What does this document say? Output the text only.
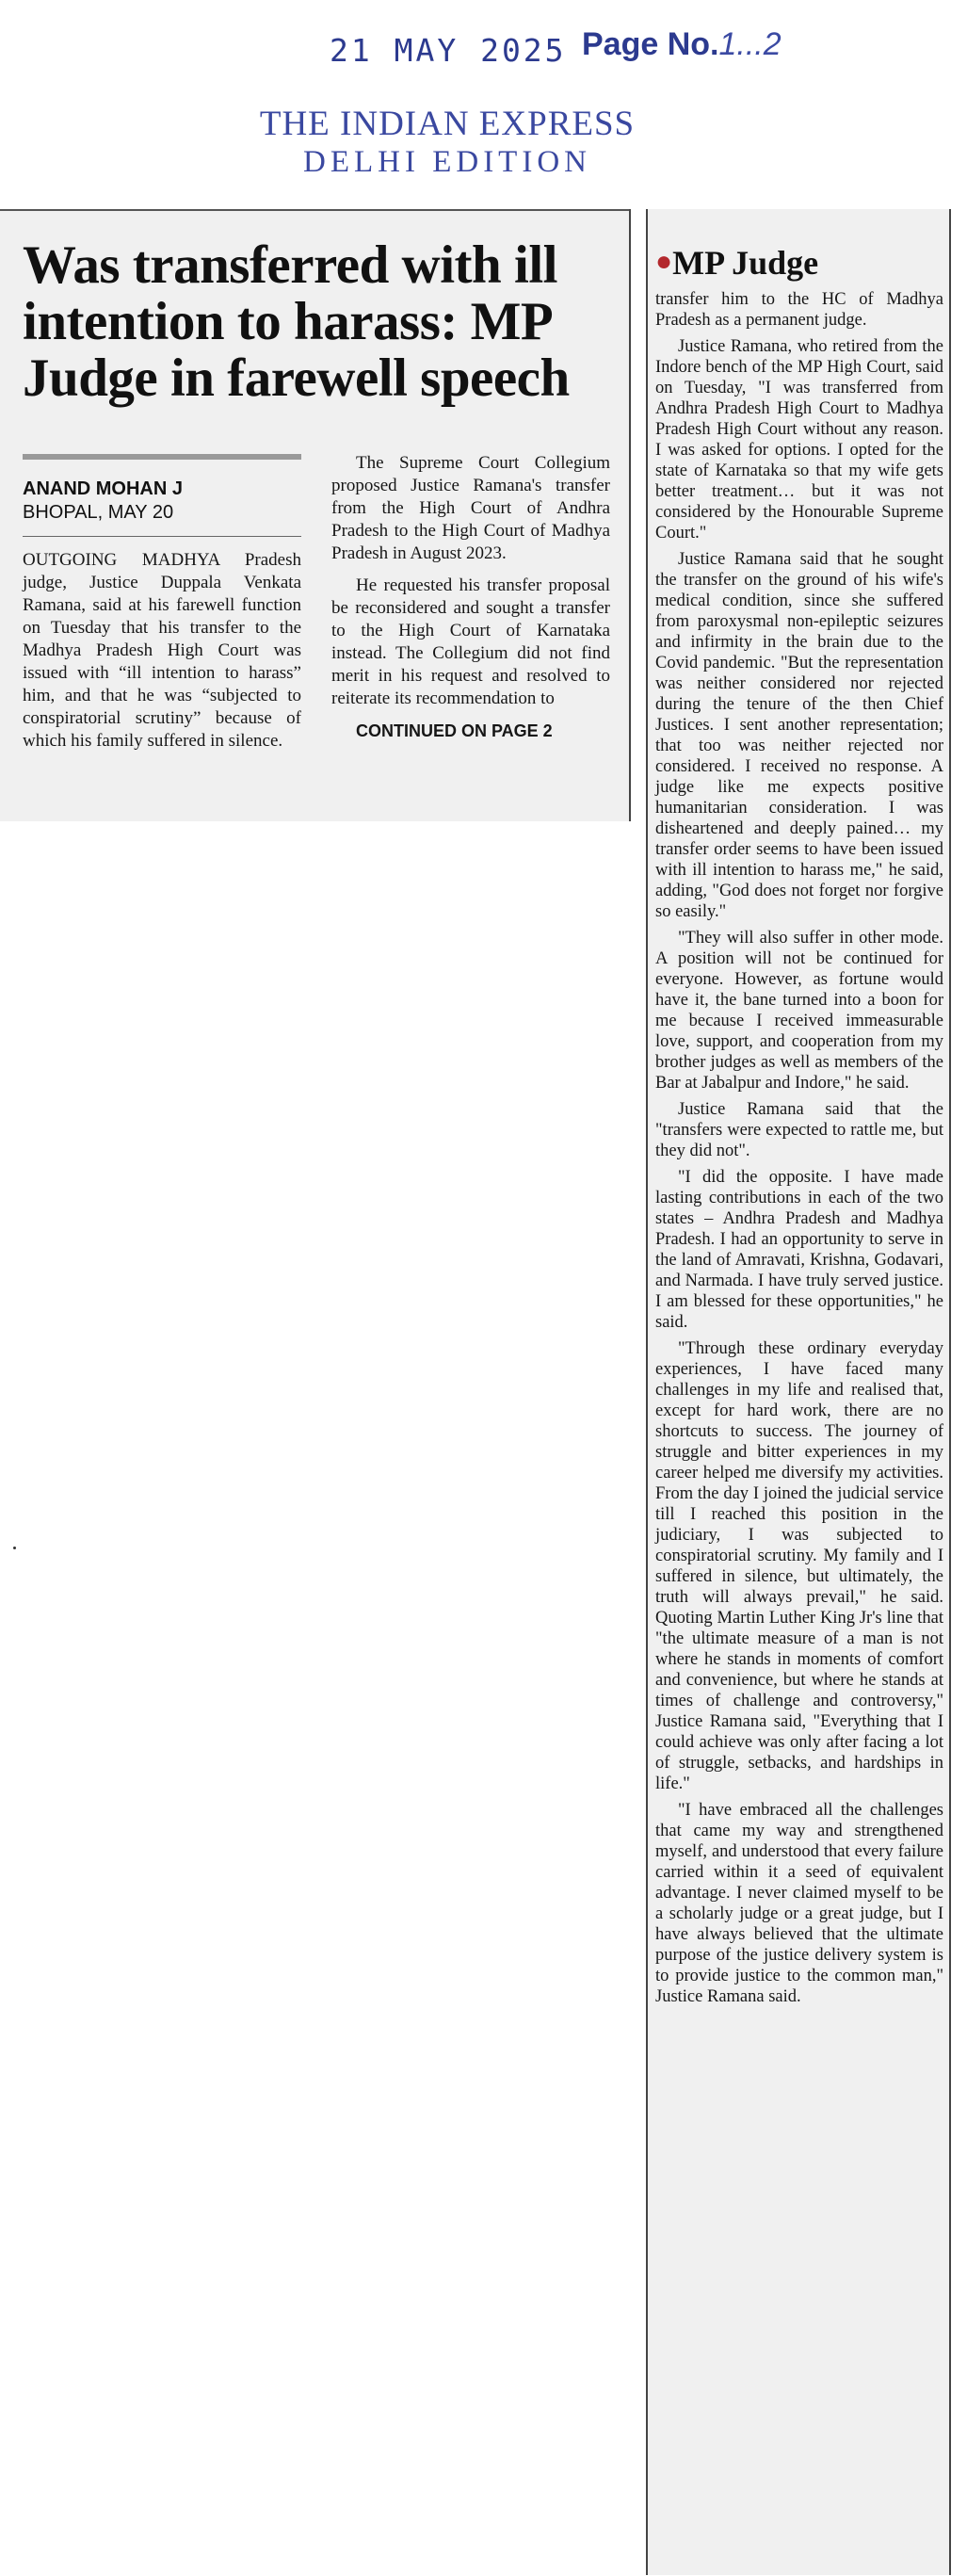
21 MAY 2025 Page No.1...2

THE INDIAN EXPRESS
DELHI EDITION

Was transferred with ill intention to harass: MP Judge in farewell speech

ANAND MOHAN J

BHOPAL, MAY 20

OUTGOING MADHYA Pradesh judge, Justice Duppala Venkata Ramana, said at his farewell function on Tuesday that his transfer to the Madhya Pradesh High Court was issued with “ill intention to harass” him, and that he was “subjected to conspiratorial scrutiny” because of which his family suffered in silence.

The Supreme Court Collegium proposed Justice Ramana's transfer from the High Court of Andhra Pradesh to the High Court of Madhya Pradesh in August 2023.

He requested his transfer proposal be reconsidered and sought a transfer to the High Court of Karnataka instead. The Collegium did not find merit in his request and resolved to reiterate its recommendation to

CONTINUED ON PAGE 2

●MP Judge

transfer him to the HC of Madhya Pradesh as a permanent judge.

Justice Ramana, who retired from the Indore bench of the MP High Court, said on Tuesday, "I was transferred from Andhra Pradesh High Court to Madhya Pradesh High Court without any reason. I was asked for options. I opted for the state of Karnataka so that my wife gets better treatment… but it was not considered by the Honourable Supreme Court."

Justice Ramana said that he sought the transfer on the ground of his wife's medical condition, since she suffered from paroxysmal non-epileptic seizures and infirmity in the brain due to the Covid pandemic. "But the representation was neither considered nor rejected during the tenure of the then Chief Justices. I sent another representation; that too was neither rejected nor considered. I received no response. A judge like me expects positive humanitarian consideration. I was disheartened and deeply pained… my transfer order seems to have been issued with ill intention to harass me," he said, adding, "God does not forget nor forgive so easily."

"They will also suffer in other mode. A position will not be continued for everyone. However, as fortune would have it, the bane turned into a boon for me because I received immeasurable love, support, and cooperation from my brother judges as well as members of the Bar at Jabalpur and Indore," he said.

Justice Ramana said that the "transfers were expected to rattle me, but they did not".

"I did the opposite. I have made lasting contributions in each of the two states – Andhra Pradesh and Madhya Pradesh. I had an opportunity to serve in the land of Amravati, Krishna, Godavari, and Narmada. I have truly served justice. I am blessed for these opportunities," he said.

"Through these ordinary everyday experiences, I have faced many challenges in my life and realised that, except for hard work, there are no shortcuts to success. The journey of struggle and bitter experiences in my career helped me diversify my activities. From the day I joined the judicial service till I reached this position in the judiciary, I was subjected to conspiratorial scrutiny. My family and I suffered in silence, but ultimately, the truth will always prevail," he said. Quoting Martin Luther King Jr's line that "the ultimate measure of a man is not where he stands in moments of comfort and convenience, but where he stands at times of challenge and controversy," Justice Ramana said, "Everything that I could achieve was only after facing a lot of struggle, setbacks, and hardships in life."

"I have embraced all the challenges that came my way and strengthened myself, and understood that every failure carried within it a seed of equivalent advantage. I never claimed myself to be a scholarly judge or a great judge, but I have always believed that the ultimate purpose of the justice delivery system is to provide justice to the common man," Justice Ramana said.
